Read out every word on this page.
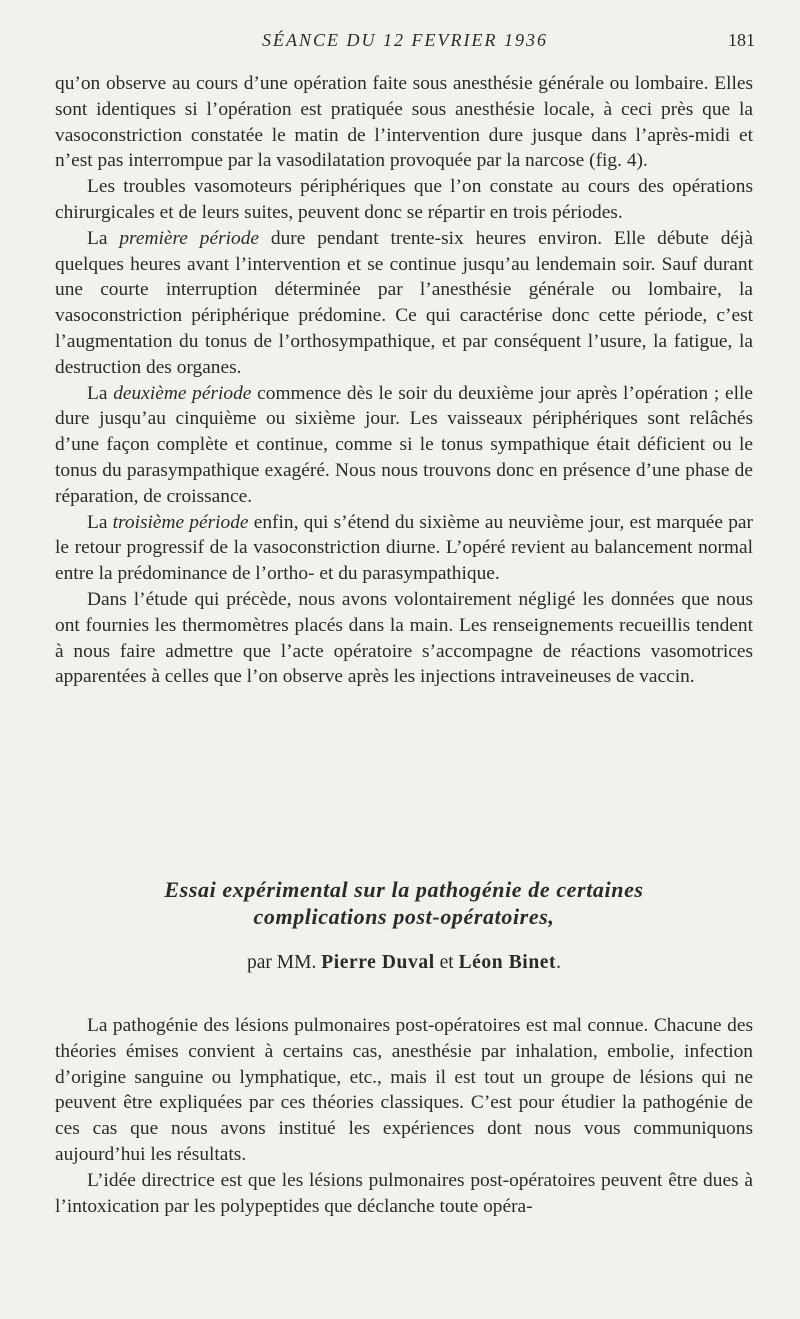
SÉANCE DU 12 FEVRIER 1936	181

qu’on observe au cours d’une opération faite sous anesthésie générale ou lombaire. Elles sont identiques si l’opération est pratiquée sous anesthésie locale, à ceci près que la vasoconstriction constatée le matin de l’intervention dure jusque dans l’après-midi et n’est pas interrompue par la vasodilatation provoquée par la narcose (fig. 4).

Les troubles vasomoteurs périphériques que l’on constate au cours des opérations chirurgicales et de leurs suites, peuvent donc se répartir en trois périodes.

La première période dure pendant trente-six heures environ. Elle débute déjà quelques heures avant l’intervention et se continue jusqu’au lendemain soir. Sauf durant une courte interruption déterminée par l’anesthésie générale ou lombaire, la vasoconstriction périphérique prédomine. Ce qui caractérise donc cette période, c’est l’augmentation du tonus de l’orthosympathique, et par conséquent l’usure, la fatigue, la destruction des organes.

La deuxième période commence dès le soir du deuxième jour après l’opération ; elle dure jusqu’au cinquième ou sixième jour. Les vaisseaux périphériques sont relâchés d’une façon complète et continue, comme si le tonus sympathique était déficient ou le tonus du parasympathique exagéré. Nous nous trouvons donc en présence d’une phase de réparation, de croissance.

La troisième période enfin, qui s’étend du sixième au neuvième jour, est marquée par le retour progressif de la vasoconstriction diurne. L’opéré revient au balancement normal entre la prédominance de l’ortho- et du parasympathique.

Dans l’étude qui précède, nous avons volontairement négligé les données que nous ont fournies les thermomètres placés dans la main. Les renseignements recueillis tendent à nous faire admettre que l’acte opératoire s’accompagne de réactions vasomotrices apparentées à celles que l’on observe après les injections intraveineuses de vaccin.

Essai expérimental sur la pathogénie de certaines
complications post-opératoires,
par MM. Pierre Duval et Léon Binet.

La pathogénie des lésions pulmonaires post-opératoires est mal connue. Chacune des théories émises convient à certains cas, anesthésie par inhalation, embolie, infection d’origine sanguine ou lymphatique, etc., mais il est tout un groupe de lésions qui ne peuvent être expliquées par ces théories classiques. C’est pour étudier la pathogénie de ces cas que nous avons institué les expériences dont nous vous communiquons aujourd’hui les résultats.

L’idée directrice est que les lésions pulmonaires post-opératoires peuvent être dues à l’intoxication par les polypeptides que déclanche toute opéra-
